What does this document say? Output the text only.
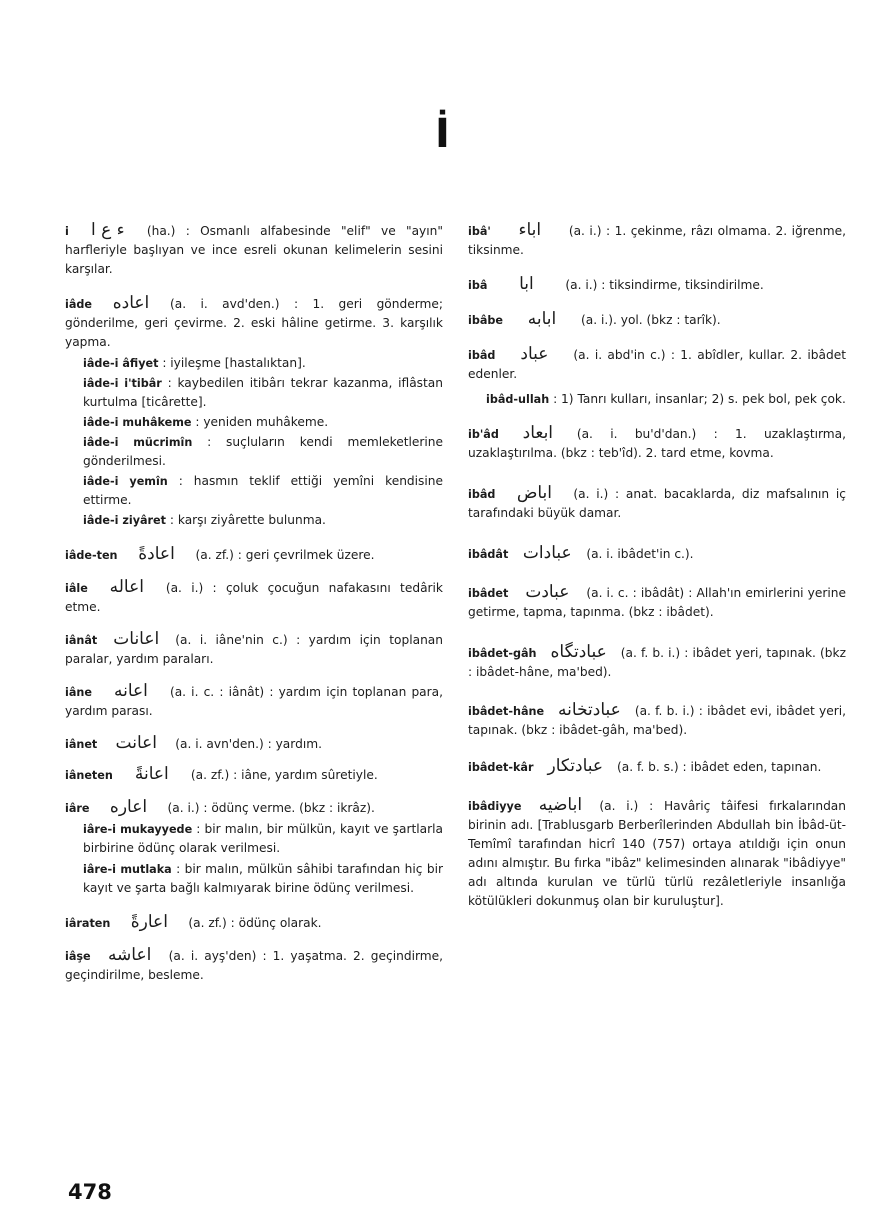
İ

i ء ع ا (ha.) : Osmanlı alfabesinde "elif" ve "ayın" harfleriyle başlıyan ve ince esreli okunan kelimelerin sesini karşılar.

iâde اعاده (a. i. avd'den.) : 1. geri gönderme; gönderilme, geri çevirme. 2. eski hâline getirme. 3. karşılık yapma.

iâde-i âfiyet : iyileşme [hastalıktan].

iâde-i i'tibâr : kaybedilen itibârı tekrar kazanma, iflâstan kurtulma [ticârette].

iâde-i muhâkeme : yeniden muhâkeme.

iâde-i mücrimîn : suçluların kendi memleketlerine gönderilmesi.

iâde-i yemîn : hasmın teklif ettiği yemîni kendisine ettirme.

iâde-i ziyâret : karşı ziyârette bulunma.

iâde-ten اعادةً (a. zf.) : geri çevrilmek üzere.

iâle اعاله (a. i.) : çoluk çocuğun nafakasını tedârik etme.

iânât اعانات (a. i. iâne'nin c.) : yardım için toplanan paralar, yardım paraları.

iâne اعانه (a. i. c. : iânât) : yardım için toplanan para, yardım parası.

iânet اعانت (a. i. avn'den.) : yardım.

iâneten اعانةً (a. zf.) : iâne, yardım sûretiyle.

iâre اعاره (a. i.) : ödünç verme. (bkz : ikrâz).

iâre-i mukayyede : bir malın, bir mülkün, kayıt ve şartlarla birbirine ödünç olarak verilmesi.

iâre-i mutlaka : bir malın, mülkün sâhibi tarafından hiç bir kayıt ve şarta bağlı kalmıyarak birine ödünç verilmesi.

iâraten اعارةً (a. zf.) : ödünç olarak.

iâşe اعاشه (a. i. ayş'den) : 1. yaşatma. 2. geçindirme, geçindirilme, besleme.

ibâ' اباء (a. i.) : 1. çekinme, râzı olmama. 2. iğrenme, tiksinme.

ibâ ابا	(a. i.) : tiksindirme, tiksindirilme.

ibâbe ابابه (a. i.). yol. (bkz : tarîk).

ibâd عباد (a. i. abd'in c.) : 1. abîdler, kullar. 2. ibâdet edenler.

ibâd-ullah : 1) Tanrı kulları, insanlar; 2) s. pek bol, pek çok.

ib'âd ابعاد (a. i. bu'd'dan.) : 1. uzaklaştırma, uzaklaştırılma. (bkz : teb'îd). 2. tard etme, kovma.

ibâd اباض (a. i.) : anat. bacaklarda, diz mafsalının iç tarafındaki büyük damar.

ibâdât عبادات (a. i. ibâdet'in c.).

ibâdet عبادت (a. i. c. : ibâdât) : Allah'ın emirlerini yerine getirme, tapma, tapınma. (bkz : ibâdet).

ibâdet-gâh عبادتگاه (a. f. b. i.) : ibâdet yeri, tapınak. (bkz : ibâdet-hâne, ma'bed).

ibâdet-hâne عبادتخانه (a. f. b. i.) : ibâdet evi, ibâdet yeri, tapınak. (bkz : ibâdet-gâh, ma'bed).

ibâdet-kâr عبادتكار (a. f. b. s.) : ibâdet eden, tapınan.

ibâdiyye اباضيه (a. i.) : Havâriç tâifesi fırkalarından birinin adı. [Trablusgarb Berberîlerinden Abdullah bin İbâd-üt-Temîmî tarafından hicrî 140 (757) ortaya atıldığı için onun adını almıştır. Bu fırka "ibâz" kelimesinden alınarak "ibâdiyye" adı altında kurulan ve türlü türlü rezâletleriyle insanlığa kötülükleri dokunmuş olan bir kuruluştur].

478
